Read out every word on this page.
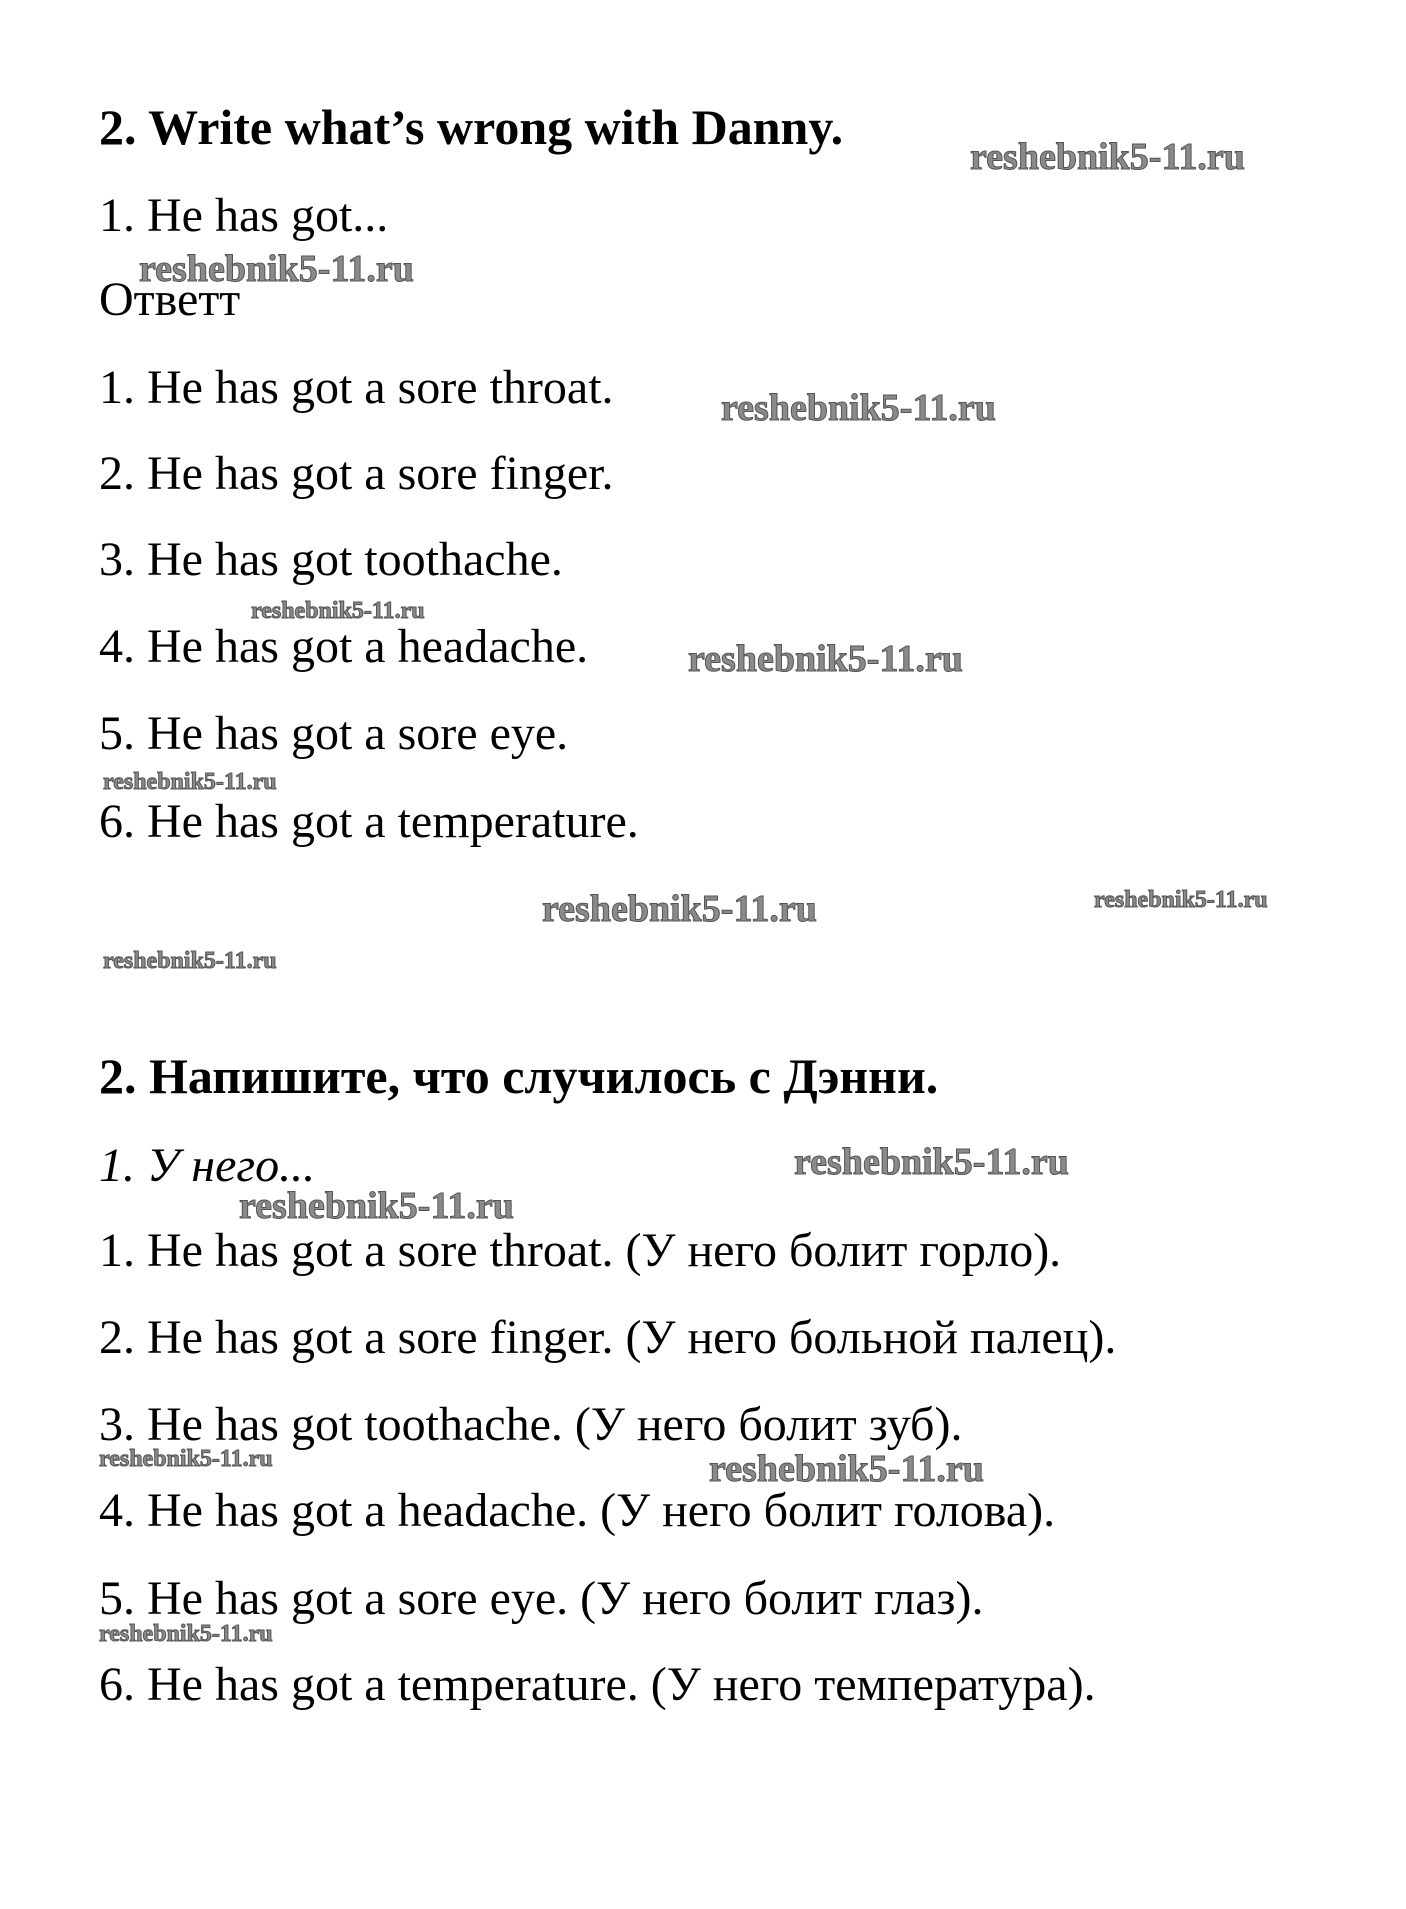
2. Write what’s wrong with Danny.
1. He has got...
Ответт
1. He has got a sore throat.
2. He has got a sore finger.
3. He has got toothache.
4. He has got a headache.
5. He has got a sore eye.
6. He has got a temperature.
2. Напишите, что случилось с Дэнни.
1. У него...
1. He has got a sore throat. (У него болит горло).
2. He has got a sore finger. (У него больной палец).
3. He has got toothache. (У него болит зуб).
4. He has got a headache. (У него болит голова).
5. He has got a sore eye. (У него болит глаз).
6. He has got a temperature. (У него температура).
reshebnik5-11.ru
reshebnik5-11.ru
reshebnik5-11.ru
reshebnik5-11.ru
reshebnik5-11.ru
reshebnik5-11.ru
reshebnik5-11.ru	reshebnik5-11.ru
reshebnik5-11.ru
reshebnik5-11.ru
reshebnik5-11.ru
reshebnik5-11.ru	reshebnik5-11.ru
reshebnik5-11.ru
